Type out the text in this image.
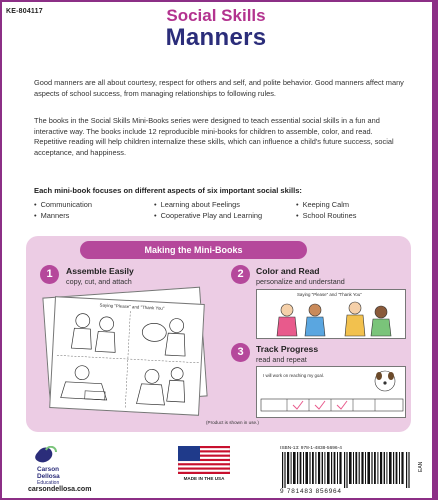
KE-804117	Social Skills
Manners

Good manners are all about courtesy, respect for others and self, and polite behavior. Good manners affect many aspects of school success, from managing relationships to following rules.

The books in the Social Skills Mini-Books series were designed to teach essential social skills in a fun and interactive way. The books include 12 reproducible mini-books for children to assemble, color, and read. Repetitive reading will help children internalize these skills, which can influence a child's future success, social acceptance, and happiness.

Each mini-book focuses on different aspects of six important social skills:
• Communication
• Manners
• Learning about Feelings
• Cooperative Play and Learning
• Keeping Calm
• School Routines
Making the Mini-Books
1	Assemble Easily
copy, cut, and attach
2	Color and Read
personalize and understand
3	Track Progress
read and repeat
Saying "Please" and "Thank You"
Saying "Please" and "Thank You"
I will work on reaching my goal.
(Product is shown in use.)
Carson
Dellosa
Education
carsondellosa.com
MADE IN THE USA
ISBN-13: 978-1-4838-5696-4
EAN
9 781483 856964
